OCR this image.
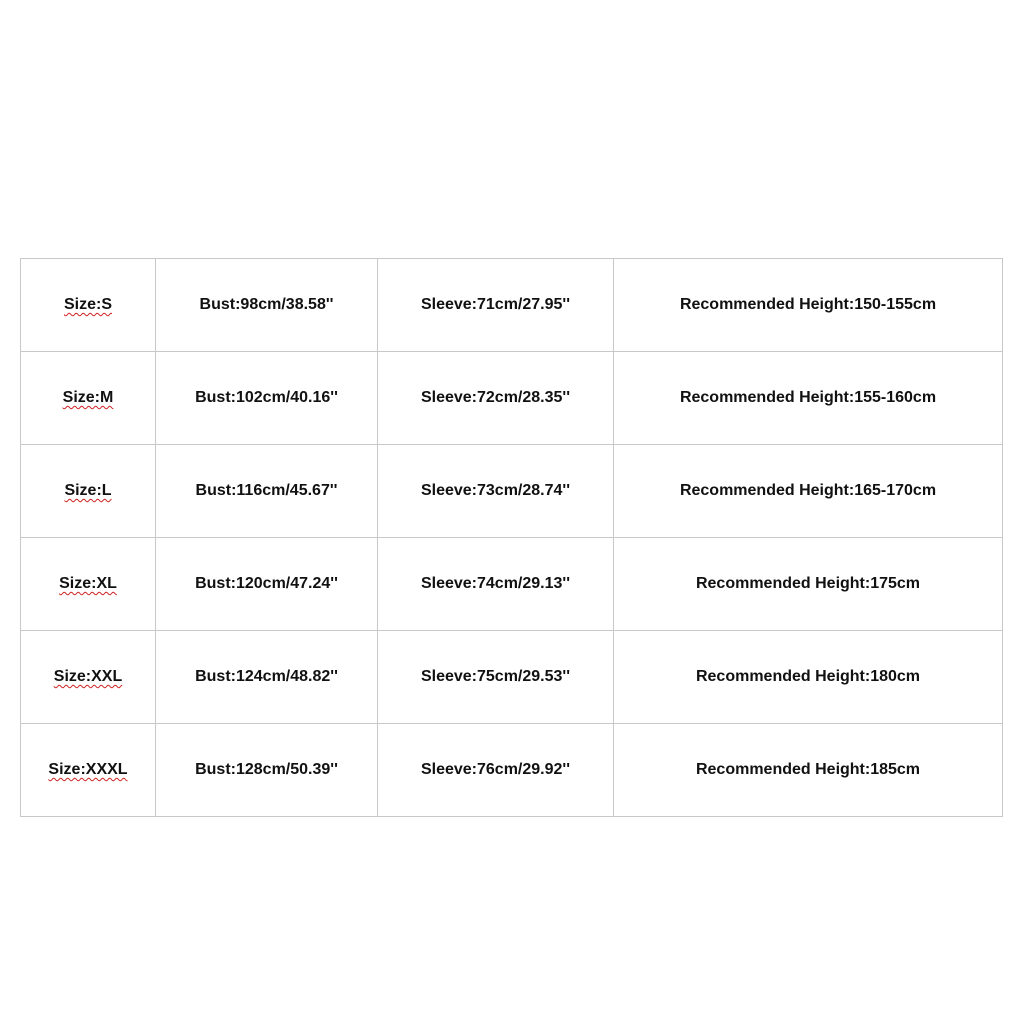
Size:S	Bust:98cm/38.58''	Sleeve:71cm/27.95''	Recommended Height:150-155cm
Size:M	Bust:102cm/40.16''	Sleeve:72cm/28.35''	Recommended Height:155-160cm
Size:L	Bust:116cm/45.67''	Sleeve:73cm/28.74''	Recommended Height:165-170cm
Size:XL	Bust:120cm/47.24''	Sleeve:74cm/29.13''	Recommended Height:175cm
Size:XXL	Bust:124cm/48.82''	Sleeve:75cm/29.53''	Recommended Height:180cm
Size:XXXL	Bust:128cm/50.39''	Sleeve:76cm/29.92''	Recommended Height:185cm
